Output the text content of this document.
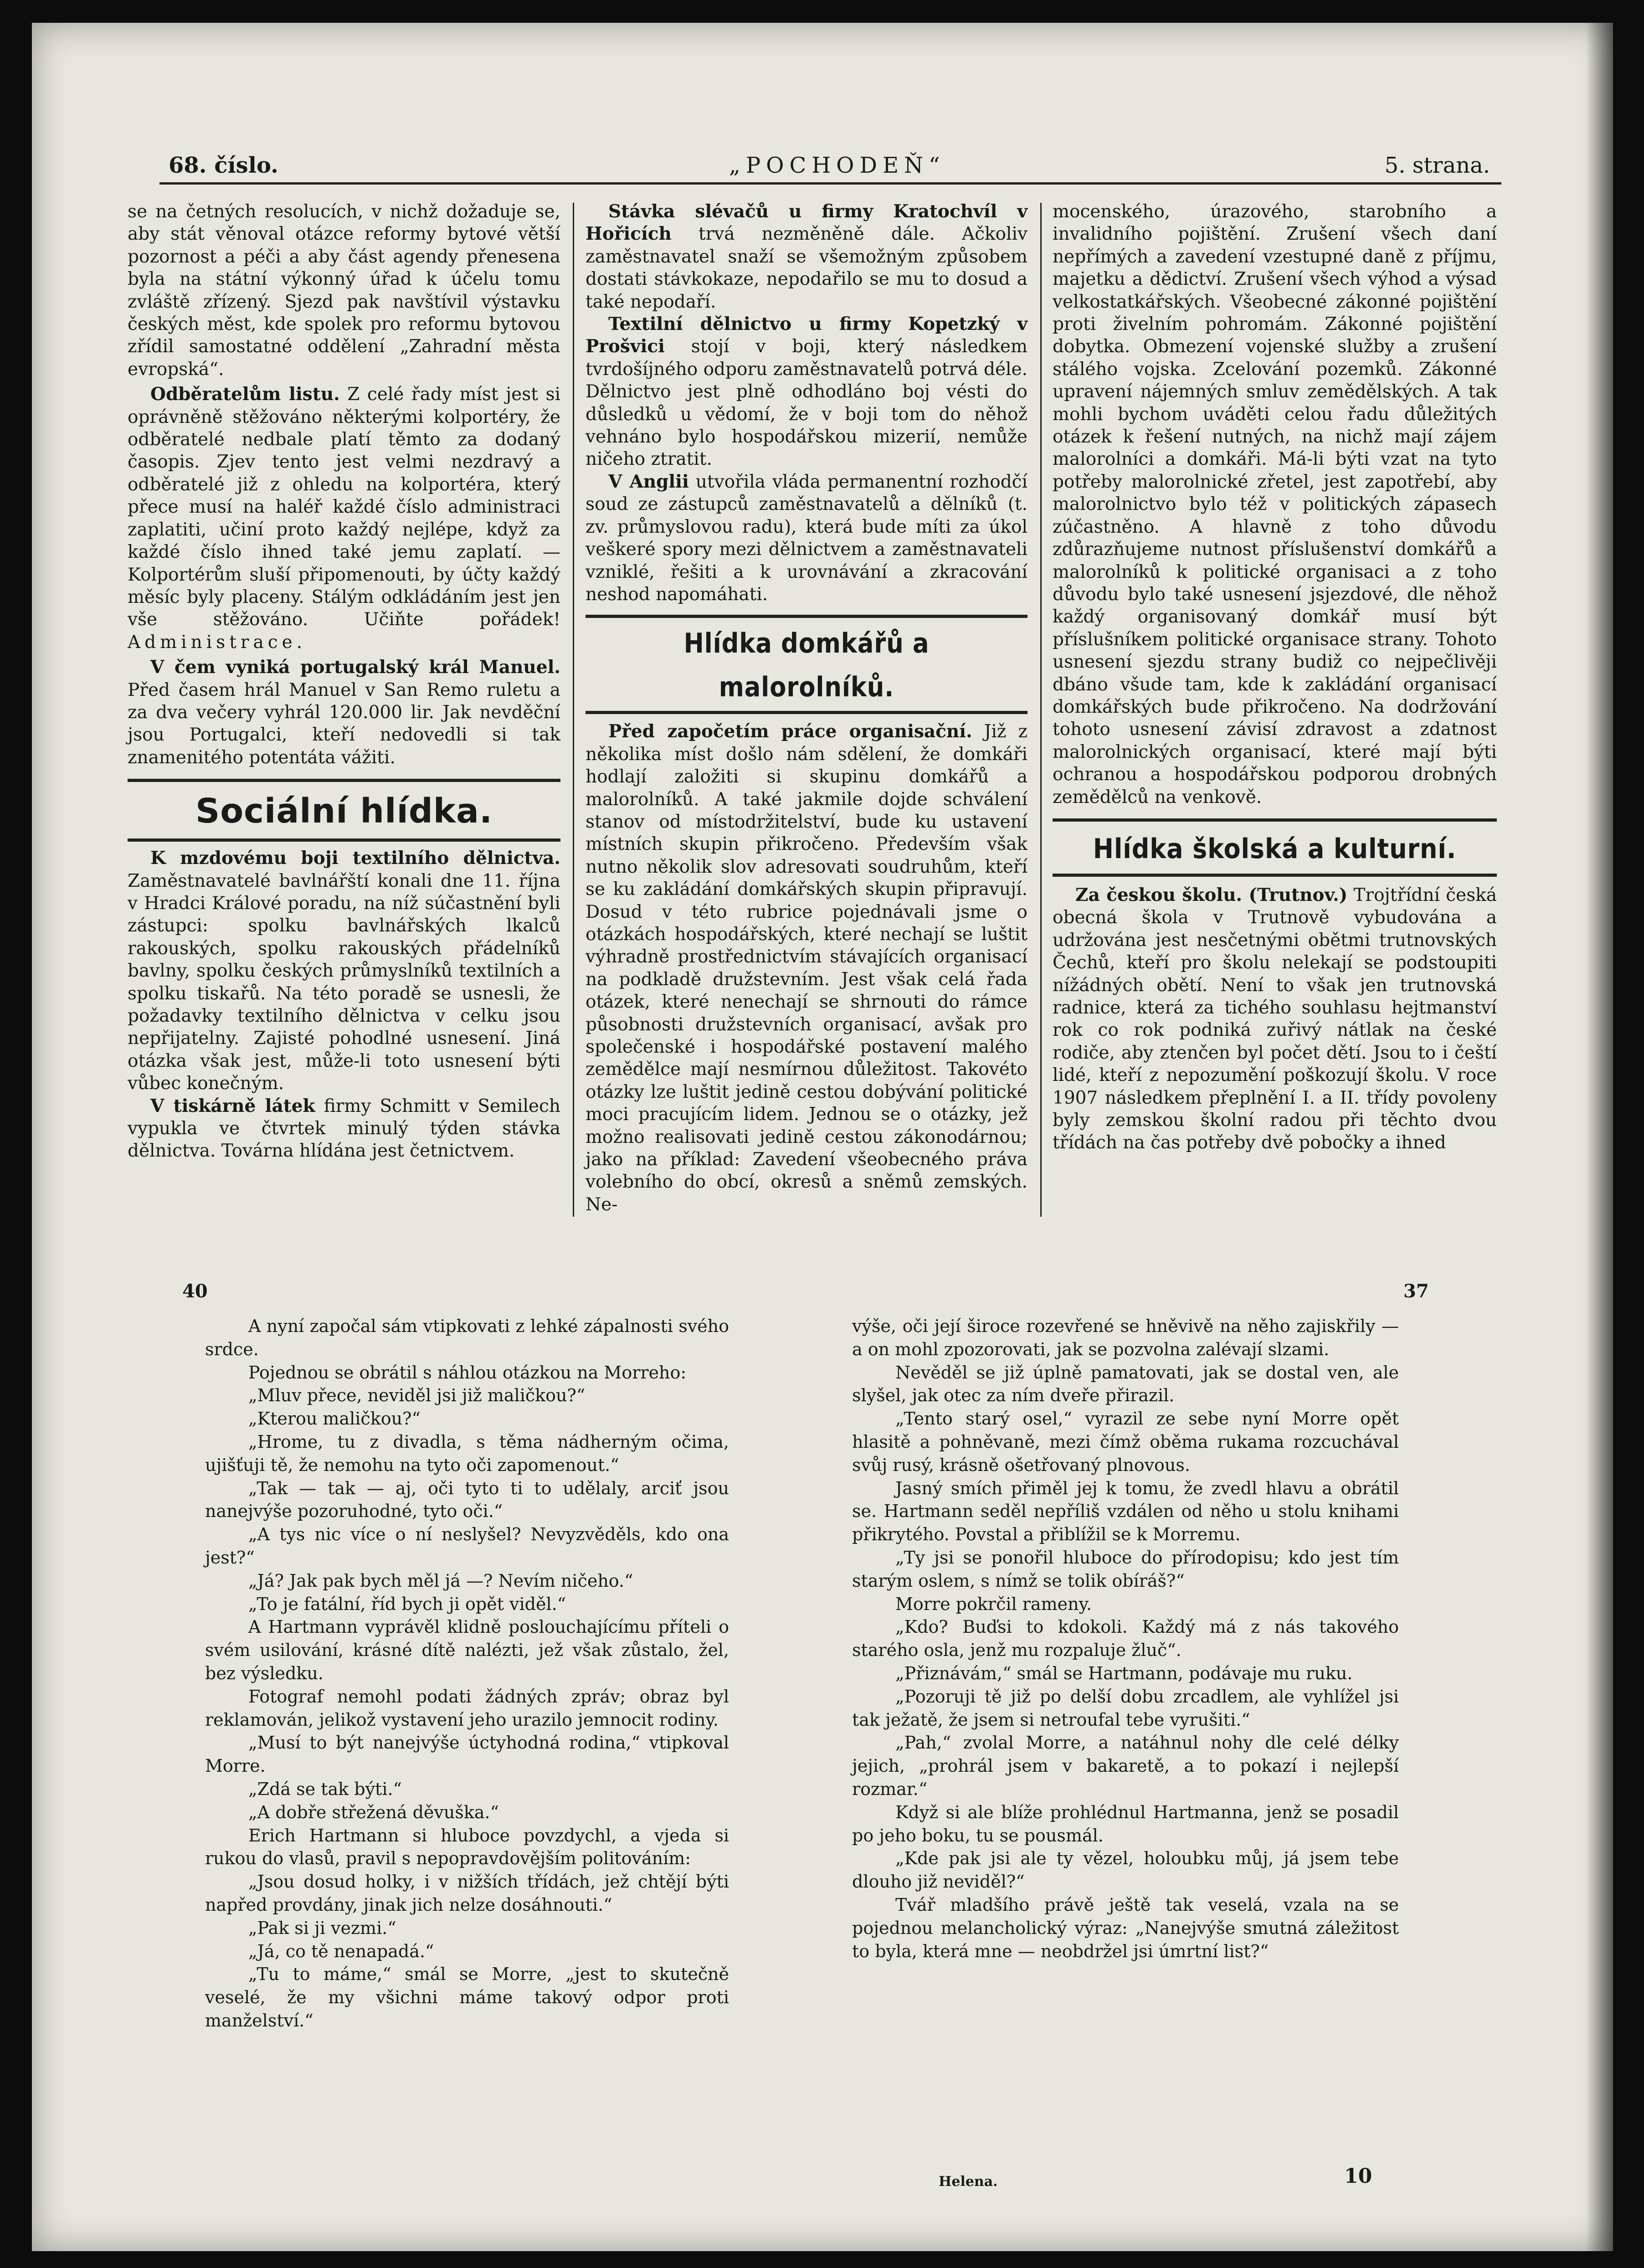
68. číslo.	„POCHODEŇ“	5. strana.

se na četných resolucích, v nichž dožaduje se, aby stát věnoval otázce reformy bytové větší pozornost a péči a aby část agendy přenesena byla na státní výkonný úřad k účelu tomu zvláště zřízený. Sjezd pak navštívil výstavku českých měst, kde spolek pro reformu bytovou zřídil samostatné oddělení „Zahradní města evropská“.

Odběratelům listu. Z celé řady míst jest si oprávněně stěžováno některými kolportéry, že odběratelé nedbale platí těmto za dodaný časopis. Zjev tento jest velmi nezdravý a odběratelé již z ohledu na kolportéra, který přece musí na haléř každé číslo administraci zaplatiti, učiní proto každý nejlépe, když za každé číslo ihned také jemu zaplatí. — Kolportérům sluší připomenouti, by účty každý měsíc byly placeny. Stálým odkládáním jest jen vše stěžováno. Učiňte pořádek! Administrace.

V čem vyniká portugalský král Manuel. Před časem hrál Manuel v San Remo ruletu a za dva večery vyhrál 120.000 lir. Jak nevděční jsou Portugalci, kteří nedovedli si tak znamenitého potentáta vážiti.

Sociální hlídka.

K mzdovému boji textilního dělnictva. Zaměstnavatelé bavlnářští konali dne 11. října v Hradci Králové poradu, na níž súčastnění byli zástupci: spolku bavlnářských lkalců rakouských, spolku rakouských přádelníků bavlny, spolku českých průmyslníků textilních a spolku tiskařů. Na této poradě se usnesli, že požadavky textilního dělnictva v celku jsou nepřijatelny. Zajisté pohodlné usnesení. Jiná otázka však jest, může-li toto usnesení býti vůbec konečným.

V tiskárně látek firmy Schmitt v Semilech vypukla ve čtvrtek minulý týden stávka dělnictva. Továrna hlídána jest četnictvem.

Stávka slévačů u firmy Kratochvíl v Hořicích trvá nezměněně dále. Ačkoliv zaměstnavatel snaží se všemožným způsobem dostati stávkokaze, nepodařilo se mu to dosud a také nepodaří.

Textilní dělnictvo u firmy Kopetzký v Prošvici stojí v boji, který následkem tvrdošíjného odporu zaměstnavatelů potrvá déle. Dělnictvo jest plně odhodláno boj vésti do důsledků u vědomí, že v boji tom do něhož vehnáno bylo hospodářskou mizerií, nemůže ničeho ztratit.

V Anglii utvořila vláda permanentní rozhodčí soud ze zástupců zaměstnavatelů a dělníků (t. zv. průmyslovou radu), která bude míti za úkol veškeré spory mezi dělnictvem a zaměstnavateli vzniklé, řešiti a k urovnávání a zkracování neshod napomáhati.

Hlídka domkářů a malorolníků.

Před započetím práce organisační. Již z několika míst došlo nám sdělení, že domkáři hodlají založiti si skupinu domkářů a malorolníků. A také jakmile dojde schválení stanov od místodržitelství, bude ku ustavení místních skupin přikročeno. Především však nutno několik slov adresovati soudruhům, kteří se ku zakládání domkářských skupin připravují. Dosud v této rubrice pojednávali jsme o otázkách hospodářských, které nechají se luštit výhradně prostřednictvím stávajících organisací na podkladě družstevním. Jest však celá řada otázek, které nenechají se shrnouti do rámce působnosti družstevních organisací, avšak pro společenské i hospodářské postavení malého zemědělce mají nesmírnou důležitost. Takovéto otázky lze luštit jedině cestou dobývání politické moci pracujícím lidem. Jednou se o otázky, jež možno realisovati jedině cestou zákonodárnou; jako na příklad: Zavedení všeobecného práva volebního do obcí, okresů a sněmů zemských. Ne-

mocenského, úrazového, starobního a invalidního pojištění. Zrušení všech daní nepřímých a zavedení vzestupné daně z příjmu, majetku a dědictví. Zrušení všech výhod a výsad velkostatkářských. Všeobecné zákonné pojištění proti živelním pohromám. Zákonné pojištění dobytka. Obmezení vojenské služby a zrušení stálého vojska. Zcelování pozemků. Zákonné upravení nájemných smluv zemědělských. A tak mohli bychom uváděti celou řadu důležitých otázek k řešení nutných, na nichž mají zájem malorolníci a domkáři. Má-li býti vzat na tyto potřeby malorolnické zřetel, jest zapotřebí, aby malorolnictvo bylo též v politických zápasech zúčastněno. A hlavně z toho důvodu zdůrazňujeme nutnost příslušenství domkářů a malorolníků k politické organisaci a z toho důvodu bylo také usnesení jsjezdové, dle něhož každý organisovaný domkář musí být příslušníkem politické organisace strany. Tohoto usnesení sjezdu strany budiž co nejpečlivěji dbáno všude tam, kde k zakládání organisací domkářských bude přikročeno. Na dodržování tohoto usnesení závisí zdravost a zdatnost malorolnických organisací, které mají býti ochranou a hospodářskou podporou drobných zemědělců na venkově.

Hlídka školská a kulturní.

Za českou školu. (Trutnov.) Trojtřídní česká obecná škola v Trutnově vybudována a udržována jest nesčetnými obětmi trutnovských Čechů, kteří pro školu nelekají se podstoupiti nížádných obětí. Není to však jen trutnovská radnice, která za tichého souhlasu hejtmanství rok co rok podniká zuřivý nátlak na české rodiče, aby ztenčen byl počet dětí. Jsou to i čeští lidé, kteří z nepozumění poškozují školu. V roce 1907 následkem přeplnění I. a II. třídy povoleny byly zemskou školní radou při těchto dvou třídách na čas potřeby dvě pobočky a ihned

40	37

A nyní započal sám vtipkovati z lehké zápalnosti svého srdce.

Pojednou se obrátil s náhlou otázkou na Morreho:

„Mluv přece, neviděl jsi již maličkou?“

„Kterou maličkou?“

„Hrome, tu z divadla, s těma nádherným očima, ujišťuji tě, že nemohu na tyto oči zapomenout.“

„Tak — tak — aj, oči tyto ti to udělaly, arciť jsou nanejvýše pozoruhodné, tyto oči.“

„A tys nic více o ní neslyšel? Nevyzvěděls, kdo ona jest?“

„Já? Jak pak bych měl já —? Nevím ničeho.“

„To je fatální, říd bych ji opět viděl.“

A Hartmann vyprávěl klidně poslouchajícímu příteli o svém usilování, krásné dítě nalézti, jež však zůstalo, žel, bez výsledku.

Fotograf nemohl podati žádných zpráv; obraz byl reklamován, jelikož vystavení jeho urazilo jemnocit rodiny.

„Musí to být nanejvýše úctyhodná rodina,“ vtipkoval Morre.

„Zdá se tak býti.“

„A dobře střežená děvuška.“

Erich Hartmann si hluboce povzdychl, a vjeda si rukou do vlasů, pravil s nepopravdovějším politováním:

„Jsou dosud holky, i v nižších třídách, jež chtějí býti napřed provdány, jinak jich nelze dosáhnouti.“

„Pak si ji vezmi.“

„Já, co tě nenapadá.“

„Tu to máme,“ smál se Morre, „jest to skutečně veselé, že my všichni máme takový odpor proti manželství.“

výše, oči její široce rozevřené se hněvivě na něho zajiskřily — a on mohl zpozorovati, jak se pozvolna zalévají slzami.

Nevěděl se již úplně pamatovati, jak se dostal ven, ale slyšel, jak otec za ním dveře přirazil.

„Tento starý osel,“ vyrazil ze sebe nyní Morre opět hlasitě a pohněvaně, mezi čímž oběma rukama rozcuchával svůj rusý, krásně ošetřovaný plnovous.

Jasný smích přiměl jej k tomu, že zvedl hlavu a obrátil se. Hartmann seděl nepříliš vzdálen od něho u stolu knihami přikrytého. Povstal a přiblížil se k Morremu.

„Ty jsi se ponořil hluboce do přírodopisu; kdo jest tím starým oslem, s nímž se tolik obíráš?“

Morre pokrčil rameny.

„Kdo? Buďsi to kdokoli. Každý má z nás takového starého osla, jenž mu rozpaluje žluč“.

„Přiznávám,“ smál se Hartmann, podávaje mu ruku.

„Pozoruji tě již po delší dobu zrcadlem, ale vyhlížel jsi tak ježatě, že jsem si netroufal tebe vyrušiti.“

„Pah,“ zvolal Morre, a natáhnul nohy dle celé délky jejich, „prohrál jsem v bakaretě, a to pokazí i nejlepší rozmar.“

Když si ale blíže prohlédnul Hartmanna, jenž se posadil po jeho boku, tu se pousmál.

„Kde pak jsi ale ty vězel, holoubku můj, já jsem tebe dlouho již neviděl?“

Tvář mladšího právě ještě tak veselá, vzala na se pojednou melancholický výraz: „Nanejvýše smutná záležitost to byla, která mne — neobdržel jsi úmrtní list?“

Helena.	10
